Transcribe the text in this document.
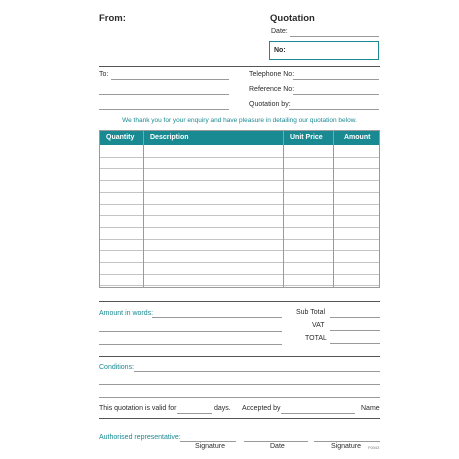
From:	Quotation
Date:
No:
To:	Telephone No:
Reference No:
Quotation by:
We thank you for your enquiry and have pleasure in detailing our quotation below.
Quantity Description	Unit Price	Amount
Amount in words:	Sub Total
VAT
TOTAL
Conditions:
This quotation is valid for	days. Accepted by	Name
Authorised representative:
Signature	Date	Signature F0043
